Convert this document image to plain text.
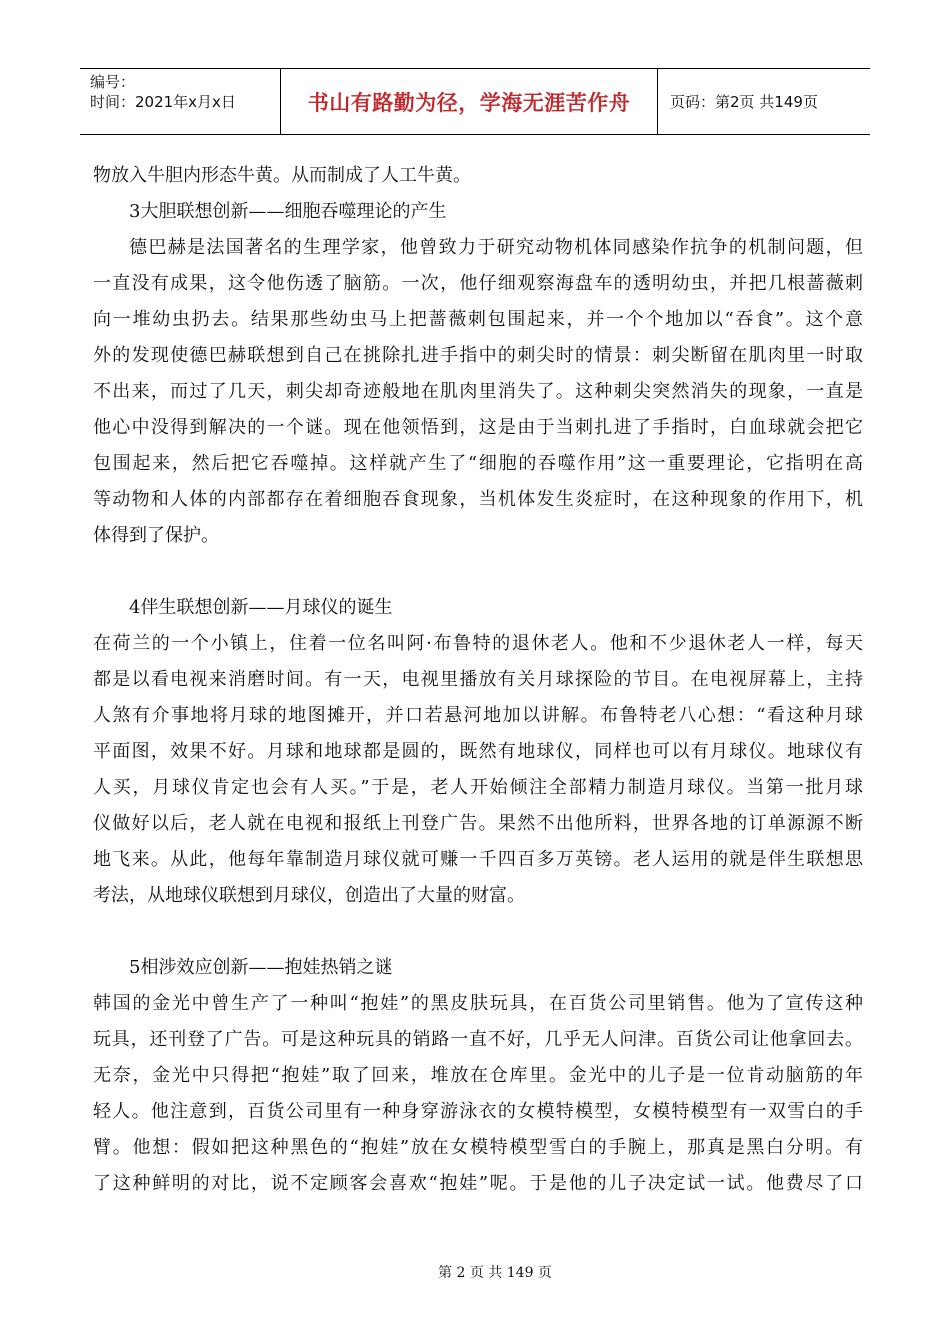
编号：
时间：2021年x月x日	书山有路勤为径，学海无涯苦作舟	页码：第2页 共149页
物放入牛胆内形态牛黄。从而制成了人工牛黄。
3大胆联想创新——细胞吞噬理论的产生
德巴赫是法国著名的生理学家，他曾致力于研究动物机体同感染作抗争的机制问题，但
一直没有成果，这令他伤透了脑筋。一次，他仔细观察海盘车的透明幼虫，并把几根蔷薇刺
向一堆幼虫扔去。结果那些幼虫马上把蔷薇刺包围起来，并一个个地加以“吞食”。这个意
外的发现使德巴赫联想到自己在挑除扎进手指中的刺尖时的情景：刺尖断留在肌肉里一时取
不出来，而过了几天，刺尖却奇迹般地在肌肉里消失了。这种刺尖突然消失的现象，一直是
他心中没得到解决的一个谜。现在他领悟到，这是由于当刺扎进了手指时，白血球就会把它
包围起来，然后把它吞噬掉。这样就产生了“细胞的吞噬作用”这一重要理论，它指明在高
等动物和人体的内部都存在着细胞吞食现象，当机体发生炎症时，在这种现象的作用下，机
体得到了保护。
4伴生联想创新——月球仪的诞生
在荷兰的一个小镇上，住着一位名叫阿·布鲁特的退休老人。他和不少退休老人一样，每天
都是以看电视来消磨时间。有一天，电视里播放有关月球探险的节目。在电视屏幕上，主持
人煞有介事地将月球的地图摊开，并口若悬河地加以讲解。布鲁特老八心想：“看这种月球
平面图，效果不好。月球和地球都是圆的，既然有地球仪，同样也可以有月球仪。地球仪有
人买，月球仪肯定也会有人买。”于是，老人开始倾注全部精力制造月球仪。当第一批月球
仪做好以后，老人就在电视和报纸上刊登广告。果然不出他所料，世界各地的订单源源不断
地飞来。从此，他每年靠制造月球仪就可赚一千四百多万英镑。老人运用的就是伴生联想思
考法，从地球仪联想到月球仪，创造出了大量的财富。
5相涉效应创新——抱娃热销之谜
韩国的金光中曾生产了一种叫“抱娃”的黑皮肤玩具，在百货公司里销售。他为了宣传这种
玩具，还刊登了广告。可是这种玩具的销路一直不好，几乎无人问津。百货公司让他拿回去。
无奈，金光中只得把“抱娃”取了回来，堆放在仓库里。金光中的儿子是一位肯动脑筋的年
轻人。他注意到，百货公司里有一种身穿游泳衣的女模特模型，女模特模型有一双雪白的手
臂。他想：假如把这种黑色的“抱娃”放在女模特模型雪白的手腕上，那真是黑白分明。有
了这种鲜明的对比，说不定顾客会喜欢“抱娃”呢。于是他的儿子决定试一试。他费尽了口
第 2 页 共 149 页
